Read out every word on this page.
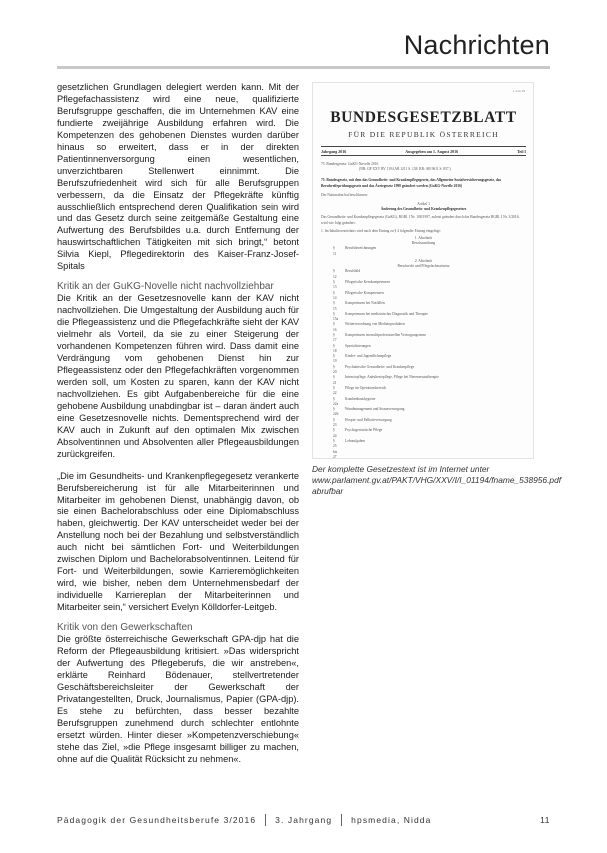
Nachrichten

gesetzlichen Grundlagen delegiert werden kann. Mit der Pflegefachassistenz wird eine neue, qualifizierte Berufsgruppe geschaffen, die im Unternehmen KAV eine fundierte zweijährige Ausbildung erfahren wird. Die Kompetenzen des gehobenen Dienstes wurden darüber hinaus so erweitert, dass er in der direkten Patientinnenversorgung einen wesentlichen, unverzichtbaren Stellenwert einnimmt. Die Berufszufriedenheit wird sich für alle Berufsgruppen verbessern, da die Einsatz der Pflegekräfte künftig ausschließlich entsprechend deren Qualifikation sein wird und das Gesetz durch seine zeitgemäße Gestaltung eine Aufwertung des Berufsbildes u.a. durch Entfernung der hauswirtschaftlichen Tätigkeiten mit sich bringt,“ betont Silvia Kiepl, Pflegedirektorin des Kaiser-Franz-Josef-Spitals

Kritik an der GuKG-Novelle nicht nachvollziehbar

Die Kritik an der Gesetzesnovelle kann der KAV nicht nachvollziehen. Die Umgestaltung der Ausbildung auch für die Pflegeassistenz und die Pflegefachkräfte sieht der KAV vielmehr als Vorteil, da sie zu einer Steigerung der vorhandenen Kompetenzen führen wird. Dass damit eine Verdrängung vom gehobenen Dienst hin zur Pflegeassistenz oder den Pflegefachkräften vorgenommen werden soll, um Kosten zu sparen, kann der KAV nicht nachvollziehen. Es gibt Aufgabenbereiche für die eine gehobene Ausbildung unabdingbar ist – daran ändert auch eine Gesetzesnovelle nichts. Dementsprechend wird der KAV auch in Zukunft auf den optimalen Mix zwischen Absolventinnen und Absolventen aller Pflegeausbildungen zurückgreifen.

„Die im Gesundheits- und Krankenpflegegesetz verankerte Berufsbereicherung ist für alle Mitarbeiterinnen und Mitarbeiter im gehobenen Dienst, unabhängig davon, ob sie einen Bachelorabschluss oder eine Diplomabschluss haben, gleichwertig. Der KAV unterscheidet weder bei der Anstellung noch bei der Bezahlung und selbstverständlich auch nicht bei sämtlichen Fort- und Weiterbildungen zwischen Diplom und Bachelorabsolventinnen. Leitend für Fort- und Weiterbildungen, sowie Karrieremöglichkeiten wird, wie bisher, neben dem Unternehmensbedarf der individuelle Karriereplan der Mitarbeiterinnen und Mitarbeiter sein,“ versichert Evelyn Kölldorfer-Leitgeb.

Kritik von den Gewerkschaften

Die größte österreichische Gewerkschaft GPA-djp hat die Reform der Pflegeausbildung kritisiert. »Das widerspricht der Aufwertung des Pflegeberufs, die wir anstreben«, erklärte Reinhard Bödenauer, stellvertretender Geschäftsbereichsleiter der Gewerkschaft der Privatangestellten, Druck, Journalismus, Papier (GPA-djp). Es stehe zu befürchten, dass besser bezahlte Berufsgruppen zunehmend durch schlechter entlohnte ersetzt würden. Hinter dieser »Kompetenzverschiebung« stehe das Ziel, »die Pflege insgesamt billiger zu machen, ohne auf die Qualität Rücksicht zu nehmen«.

1 von 19
BUNDESGESETZBLATT
FÜR DIE REPUBLIK ÖSTERREICH
Jahrgang 2016	Ausgegeben am 1. August 2016	Teil I
75. Bundesgesetz: GuKG-Novelle 2016
(NR: GP XXV RV 1194 AB 1211 S. 138. BR: AB 9611 S. 857.)
75. Bundesgesetz, mit dem das Gesundheits- und Krankenpflegegesetz, das Allgemeine Sozialversicherungsgesetz, das Berufsreifeprüfungsgesetz und das Ärztegesetz 1998 geändert werden (GuKG-Novelle 2016)
Der Nationalrat hat beschlossen:
Artikel 1
Änderung des Gesundheits- und Krankenpflegegesetzes
Das Gesundheits- und Krankenpflegegesetz (GuKG), BGBl. I Nr. 108/1997, zuletzt geändert durch das Bundesgesetz BGBl. I Nr. 3/2016, wird wie folgt geändert:
1. Im Inhaltsverzeichnis wird nach dem Eintrag zu § 4 folgender Eintrag eingefügt:
1. Abschnitt
Berufsausübung
§ 11
Berufsbezeichnungen
2. Abschnitt
Berufsrecht und Pflegefachassistenz
§ 12
Berufsbild
§ 13
Pflegerische Kernkompetenzen
§ 14
Pflegerische Kompetenzen
§ 15
Kompetenzen bei Notfällen
§ 15a
Kompetenzen bei medizinischer Diagnostik und Therapie
§ 16
Weiterverordnung von Medizinprodukten
§ 17
Kompetenzen im multiprofessionellen Versorgungsteam
§ 18
Spezialisierungen
§ 19
Kinder- und Jugendlichenpflege
§ 20
Psychiatrische Gesundheits- und Krankenpflege
§ 21
Intensivpflege, Anästhesiepflege, Pflege bei Nierenersatztherapie
§ 22
Pflege im Operationsbereich
§ 22a
Krankenhaushygiene
§ 22b
Wundmanagement und Stomaversorgung
§ 23
Hospiz- und Palliativversorgung
§ 24
Psychogeriatrische Pflege
§ 25 bis 27
Lehraufgaben
Der komplette Gesetzestext ist im Internet unter www.parlament.gv.at/PAKT/VHG/XXV/I/I_01194/fname_538956.pdf abrufbar
Pädagogik der Gesundheitsberufe 3/2016 3. Jahrgang hpsmedia, Nidda	11
